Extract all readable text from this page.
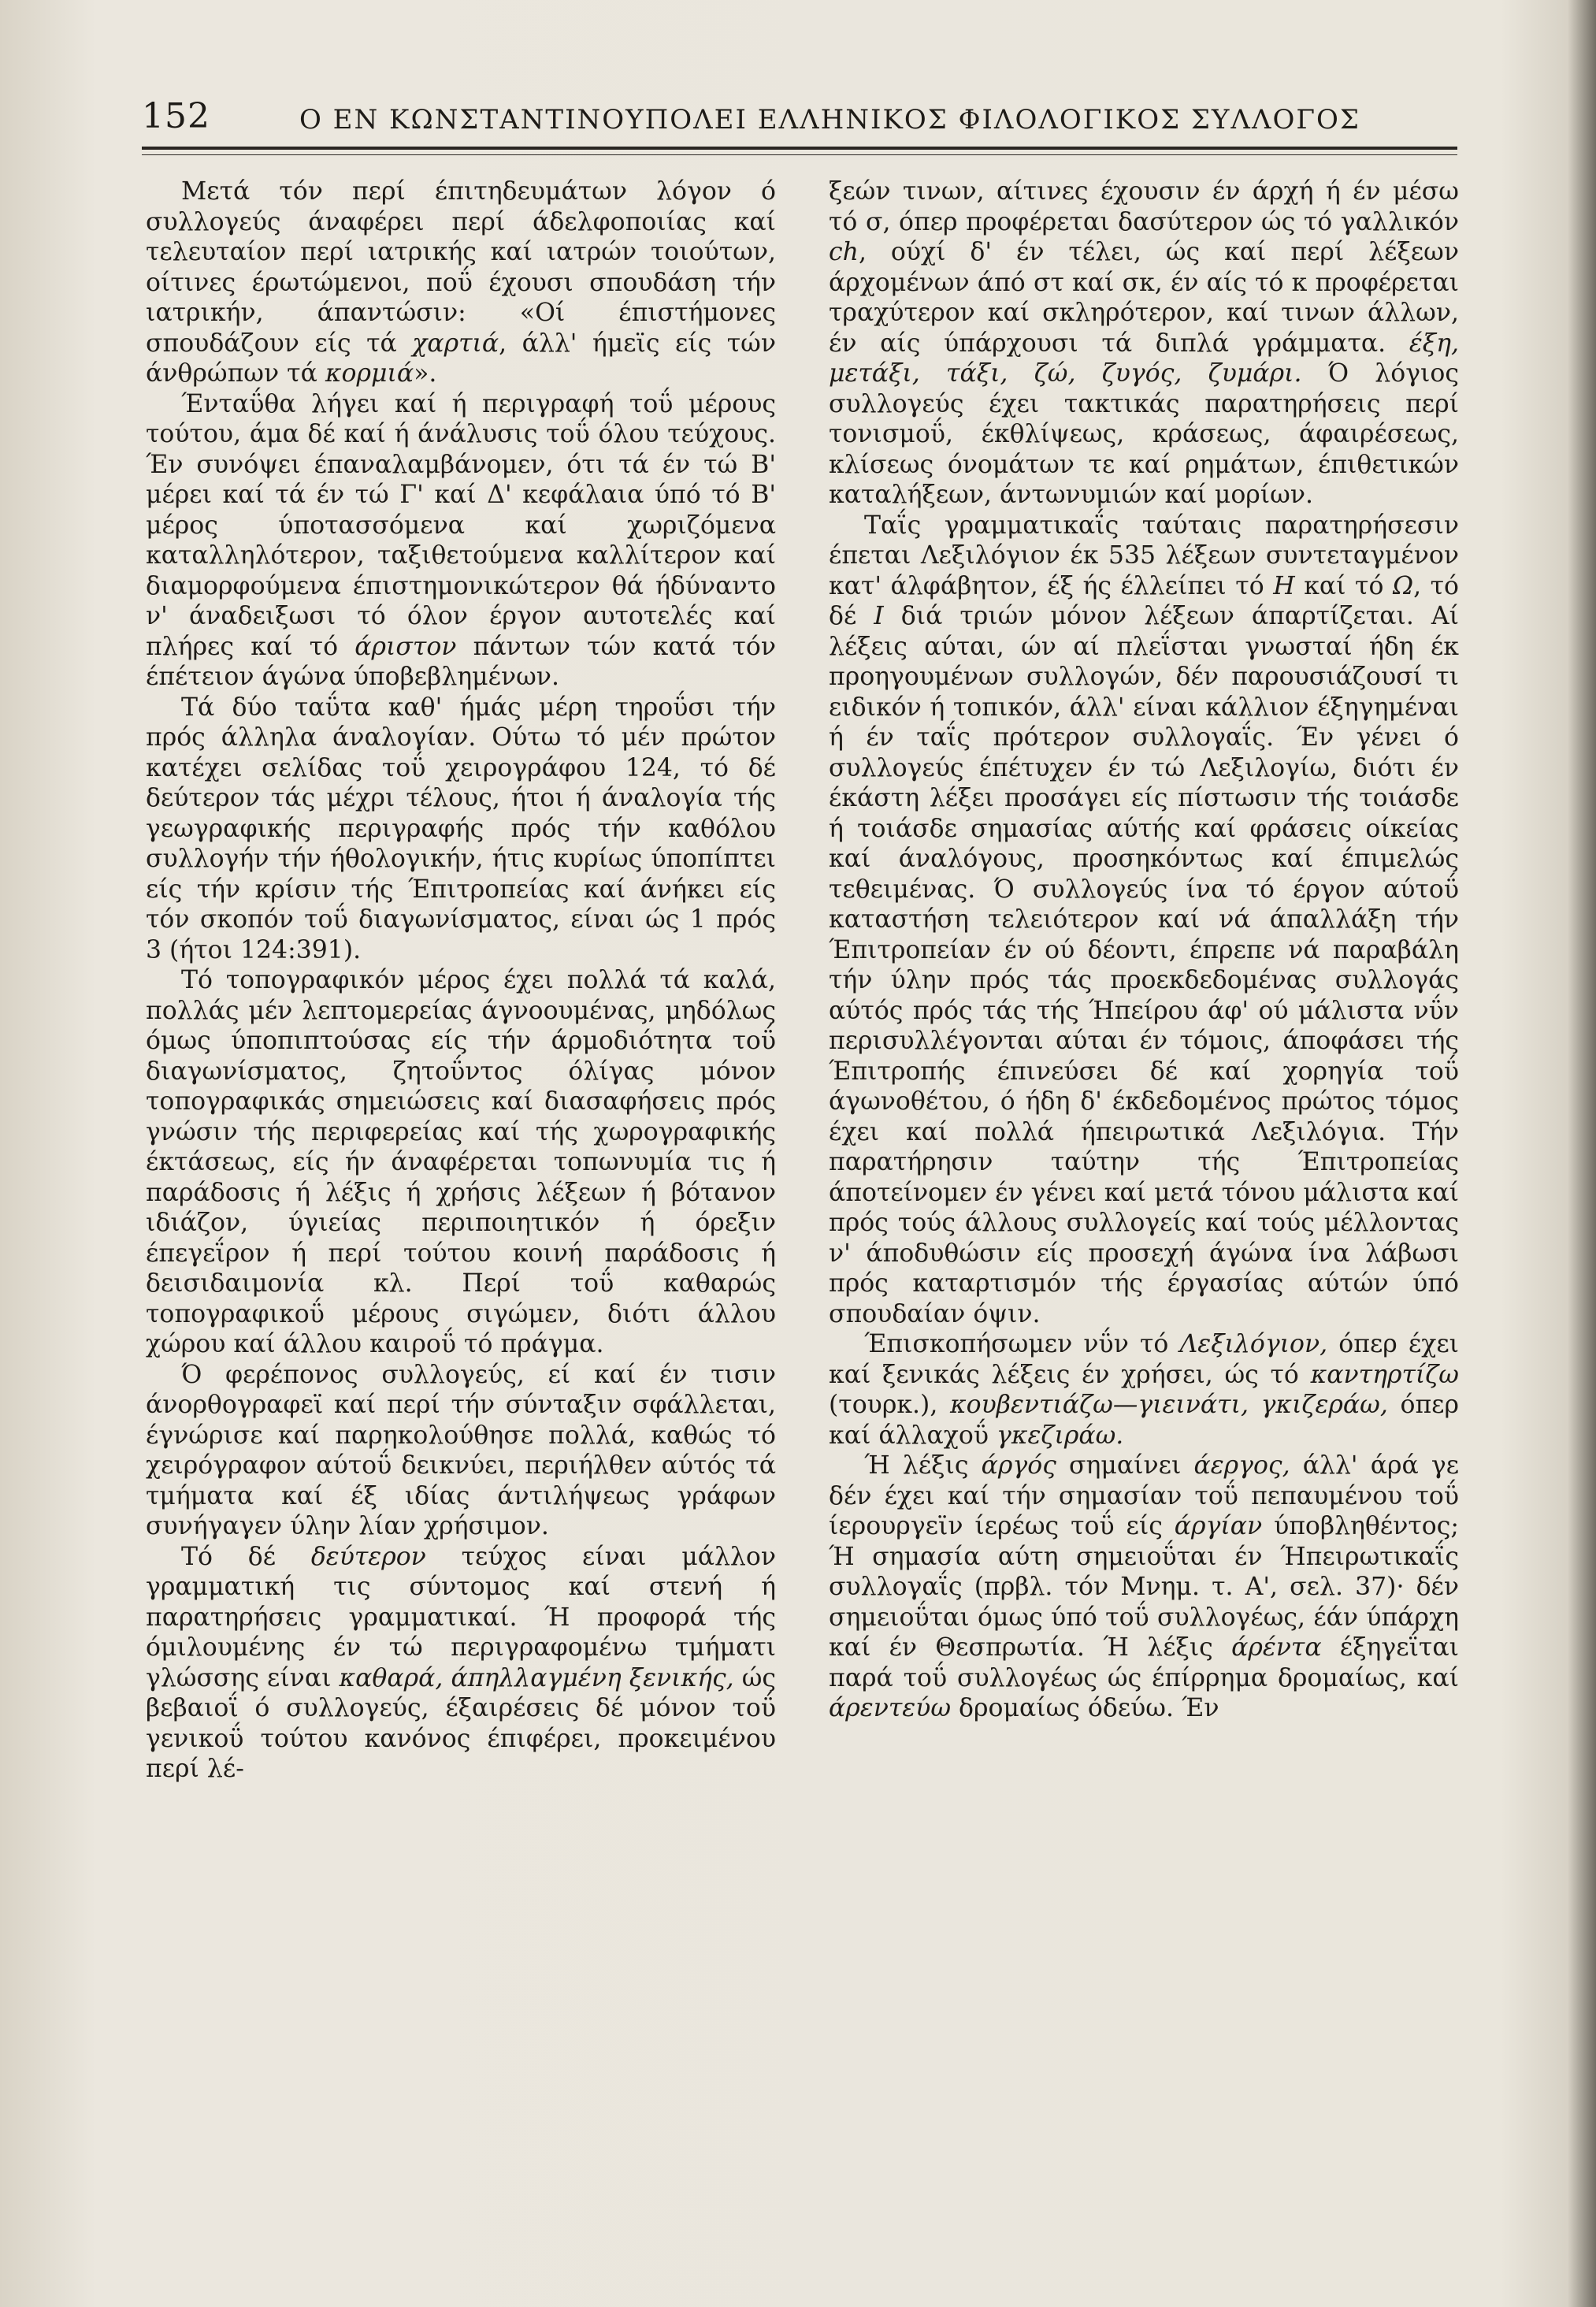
152	Ο ΕΝ ΚΩΝΣΤΑΝΤΙΝΟΥΠΟΛΕΙ ΕΛΛΗΝΙΚΟΣ ΦΙΛΟΛΟΓΙΚΟΣ ΣΥΛΛΟΓΟΣ

Μετά τόν περί έπιτηδευμάτων λόγον ό συλλογεύς άναφέρει περί άδελφοποιίας καί τελευταίον περί ιατρικής καί ιατρών τοιούτων, οίτινες έρωτώμενοι, ποΰ έχουσι σπουδάση τήν ιατρικήν, άπαντώσιν: «Οί έπιστήμονες σπουδάζουν είς τά χαρτιά, άλλ' ήμεϊς είς τών άνθρώπων τά κορμιά».

Ένταΰθα λήγει καί ή περιγραφή τοΰ μέρους τούτου, άμα δέ καί ή άνάλυσις τοΰ όλου τεύχους. Έν συνόψει έπαναλαμβάνομεν, ότι τά έν τώ Β' μέρει καί τά έν τώ Γ' καί Δ' κεφάλαια ύπό τό Β' μέρος ύποτασσόμενα καί χωριζόμενα καταλληλότερον, ταξιθετούμενα καλλίτερον καί διαμορφούμενα έπιστημονικώτερον θά ήδύναντο ν' άναδειξωσι τό όλον έργον αυτοτελές καί πλήρες καί τό άριστον πάντων τών κατά τόν έπέτειον άγώνα ύποβεβλημένων.

Τά δύο ταΰτα καθ' ήμάς μέρη τηροΰσι τήν πρός άλληλα άναλογίαν. Ούτω τό μέν πρώτον κατέχει σελίδας τοΰ χειρογράφου 124, τό δέ δεύτερον τάς μέχρι τέλους, ήτοι ή άναλογία τής γεωγραφικής περιγραφής πρός τήν καθόλου συλλογήν τήν ήθολογικήν, ήτις κυρίως ύποπίπτει είς τήν κρίσιν τής Έπιτροπείας καί άνήκει είς τόν σκοπόν τοΰ διαγωνίσματος, είναι ώς 1 πρός 3 (ήτοι 124:391).

Τό τοπογραφικόν μέρος έχει πολλά τά καλά, πολλάς μέν λεπτομερείας άγνοουμένας, μηδόλως όμως ύποπιπτούσας είς τήν άρμοδιότητα τοΰ διαγωνίσματος, ζητοΰντος όλίγας μόνον τοπογραφικάς σημειώσεις καί διασαφήσεις πρός γνώσιν τής περιφερείας καί τής χωρογραφικής έκτάσεως, είς ήν άναφέρεται τοπωνυμία τις ή παράδοσις ή λέξις ή χρήσις λέξεων ή βότανον ιδιάζον, ύγιείας περιποιητικόν ή όρεξιν έπεγεΐρον ή περί τούτου κοινή παράδοσις ή δεισιδαιμονία κλ. Περί τοΰ καθαρώς τοπογραφικοΰ μέρους σιγώμεν, διότι άλλου χώρου καί άλλου καιροΰ τό πράγμα.

Ό φερέπονος συλλογεύς, εί καί έν τισιν άνορθογραφεϊ καί περί τήν σύνταξιν σφάλλεται, έγνώρισε καί παρηκολούθησε πολλά, καθώς τό χειρόγραφον αύτοΰ δεικνύει, περιήλθεν αύτός τά τμήματα καί έξ ιδίας άντιλήψεως γράφων συνήγαγεν ύλην λίαν χρήσιμον.

Τό δέ δεύτερον τεύχος είναι μάλλον γραμματική τις σύντομος καί στενή ή παρατηρήσεις γραμματικαί. Ή προφορά τής όμιλουμένης έν τώ περιγραφομένω τμήματι γλώσσης είναι καθαρά, άπηλλαγμένη ξενικής, ώς βεβαιοΐ ό συλλογεύς, έξαιρέσεις δέ μόνον τοΰ γενικοΰ τούτου κανόνος έπιφέρει, προκειμένου περί λέ-

ξεών τινων, αίτινες έχουσιν έν άρχή ή έν μέσω τό σ, όπερ προφέρεται δασύτερον ώς τό γαλλικόν ch, ούχί δ' έν τέλει, ώς καί περί λέξεων άρχομένων άπό στ καί σκ, έν αίς τό κ προφέρεται τραχύτερον καί σκληρότερον, καί τινων άλλων, έν αίς ύπάρχουσι τά διπλά γράμματα. έξη, μετάξι, τάξι, ζώ, ζυγός, ζυμάρι. Ό λόγιος συλλογεύς έχει τακτικάς παρατηρήσεις περί τονισμοΰ, έκθλίψεως, κράσεως, άφαιρέσεως, κλίσεως όνομάτων τε καί ρημάτων, έπιθετικών καταλήξεων, άντωνυμιών καί μορίων.

Ταΐς γραμματικαΐς ταύταις παρατηρήσεσιν έπεται Λεξιλόγιον έκ 535 λέξεων συντεταγμένον κατ' άλφάβητον, έξ ής έλλείπει τό Η καί τό Ω, τό δέ Ι διά τριών μόνον λέξεων άπαρτίζεται. Αί λέξεις αύται, ών αί πλεΐσται γνωσταί ήδη έκ προηγουμένων συλλογών, δέν παρουσιάζουσί τι ειδικόν ή τοπικόν, άλλ' είναι κάλλιον έξηγημέναι ή έν ταΐς πρότερον συλλογαΐς. Έν γένει ό συλλογεύς έπέτυχεν έν τώ Λεξιλογίω, διότι έν έκάστη λέξει προσάγει είς πίστωσιν τής τοιάσδε ή τοιάσδε σημασίας αύτής καί φράσεις οίκείας καί άναλόγους, προσηκόντως καί έπιμελώς τεθειμένας. Ό συλλογεύς ίνα τό έργον αύτοΰ καταστήση τελειότερον καί νά άπαλλάξη τήν Έπιτροπείαν έν ού δέοντι, έπρεπε νά παραβάλη τήν ύλην πρός τάς προεκδεδομένας συλλογάς αύτός πρός τάς τής Ήπείρου άφ' ού μάλιστα νΰν περισυλλέγονται αύται έν τόμοις, άποφάσει τής Έπιτροπής έπινεύσει δέ καί χορηγία τοΰ άγωνοθέτου, ό ήδη δ' έκδεδομένος πρώτος τόμος έχει καί πολλά ήπειρωτικά Λεξιλόγια. Τήν παρατήρησιν ταύτην τής Έπιτροπείας άποτείνομεν έν γένει καί μετά τόνου μάλιστα καί πρός τούς άλλους συλλογείς καί τούς μέλλοντας ν' άποδυθώσιν είς προσεχή άγώνα ίνα λάβωσι πρός καταρτισμόν τής έργασίας αύτών ύπό σπουδαίαν όψιν.

Έπισκοπήσωμεν νΰν τό Λεξιλόγιον, όπερ έχει καί ξενικάς λέξεις έν χρήσει, ώς τό καντηρτίζω (τουρκ.), κουβεντιάζω—γιεινάτι, γκιζεράω, όπερ καί άλλαχοΰ γκεζιράω.

Ή λέξις άργός σημαίνει άεργος, άλλ' άρά γε δέν έχει καί τήν σημασίαν τοΰ πεπαυμένου τοΰ ίερουργεϊν ίερέως τοΰ είς άργίαν ύποβληθέντος; Ή σημασία αύτη σημειοΰται έν Ήπειρωτικαΐς συλλογαΐς (πρβλ. τόν Μνημ. τ. Α', σελ. 37)· δέν σημειοΰται όμως ύπό τοΰ συλλογέως, έάν ύπάρχη καί έν Θεσπρωτία. Ή λέξις άρέντα έξηγεΐται παρά τοΰ συλλογέως ώς έπίρρημα δρομαίως, καί άρεντεύω δρομαίως όδεύω. Έν
